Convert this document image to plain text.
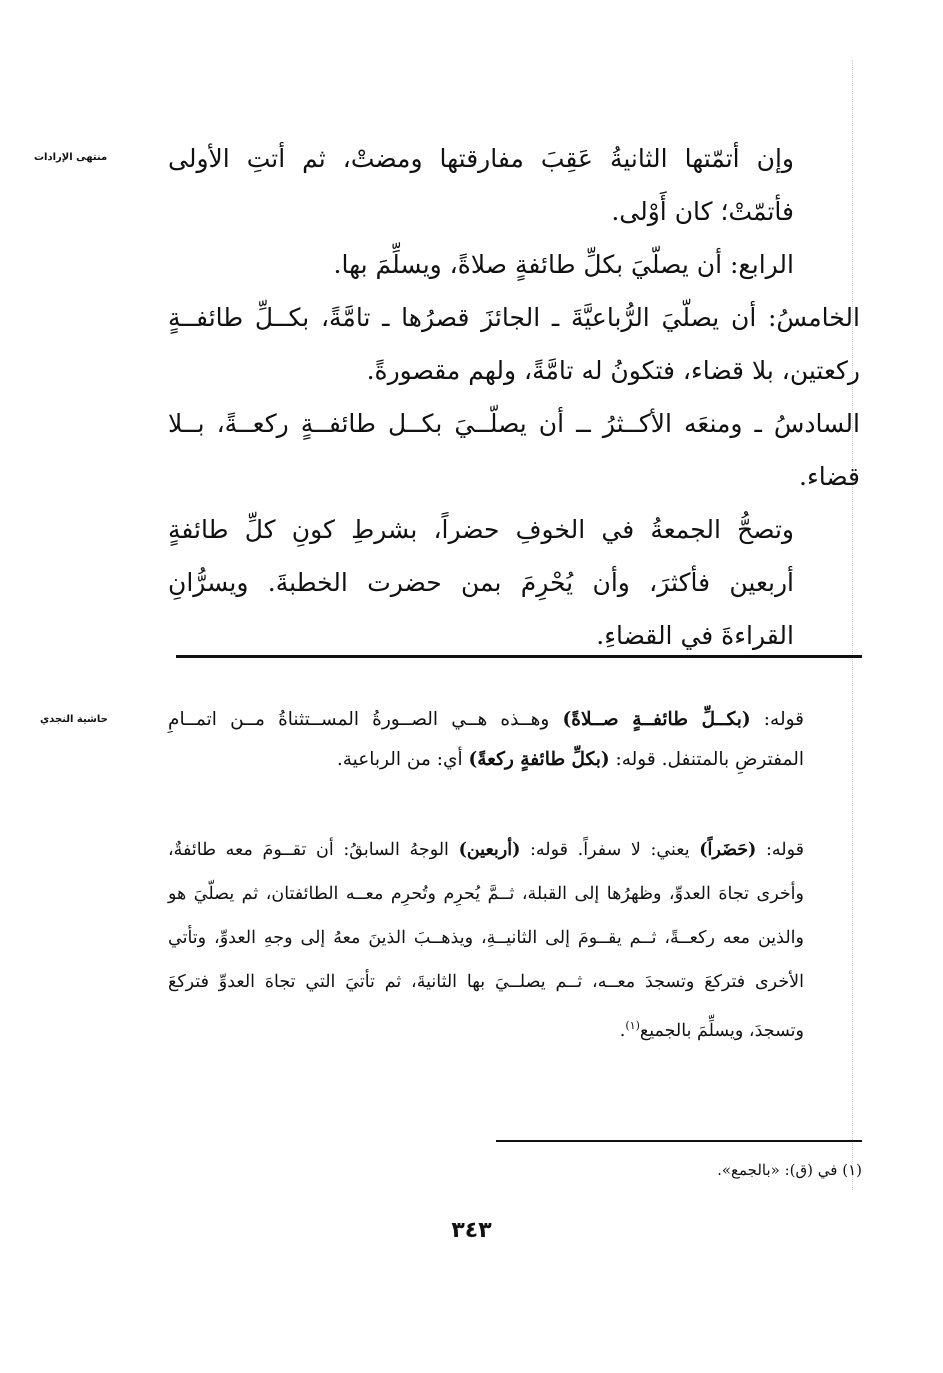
منتهى الإرادات
حاشية النجدي

وإن أتمّتها الثانيةُ عَقِبَ مفارقتها ومضتْ، ثم أتتِ الأولى فأتمّتْ؛ كان أَوْلى.

الرابع: أن يصلّيَ بكلِّ طائفةٍ صلاةً، ويسلِّمَ بها.

الخامسُ: أن يصلّيَ الرُّباعيَّةَ ـ الجائزَ قصرُها ـ تامَّةً، بكــلِّ طائفــةٍ ركعتين، بلا قضاء، فتكونُ له تامَّةً، ولهم مقصورةً.

السادسُ ـ ومنعَه الأكــثرُ ــ أن يصلّــيَ بكــل طائفــةٍ ركعــةً، بــلا قضاء.

وتصحُّ الجمعةُ في الخوفِ حضراً، بشرطِ كونِ كلِّ طائفةٍ أربعين فأكثرَ، وأن يُحْرِمَ بمن حضرت الخطبةَ. ويسرُّانِ القراءةَ في القضاءِ.

قوله: (بكــلِّ طائفــةٍ صــلاةً) وهــذه هــي الصــورةُ المســتثناةُ مــن اتمــامِ المفترضِ بالمتنفل. قوله: (بكلِّ طائفةٍ ركعةً) أي: من الرباعية.

قوله: (حَضَراً) يعني: لا سفراً. قوله: (أربعين) الوجهُ السابقُ: أن تقــومَ معه طائفةٌ، وأخرى تجاهَ العدوِّ، وظهرُها إلى القبلة، ثــمَّ يُحرِم وتُحرِم معــه الطائفتان، ثم يصلّيَ هو والذين معه ركعــةً، ثــم يقــومَ إلى الثانيــةِ، ويذهــبَ الذينَ معهُ إلى وجهِ العدوِّ، وتأتي الأخرى فتركعَ وتسجدَ معــه، ثــم يصلــيَ بها الثانيةَ، ثم تأتيَ التي تجاهَ العدوِّ فتركعَ وتسجدَ، ويسلِّمَ بالجميع$^{(١)}$.

(١) في (ق): «بالجمع».
٣٤٣
